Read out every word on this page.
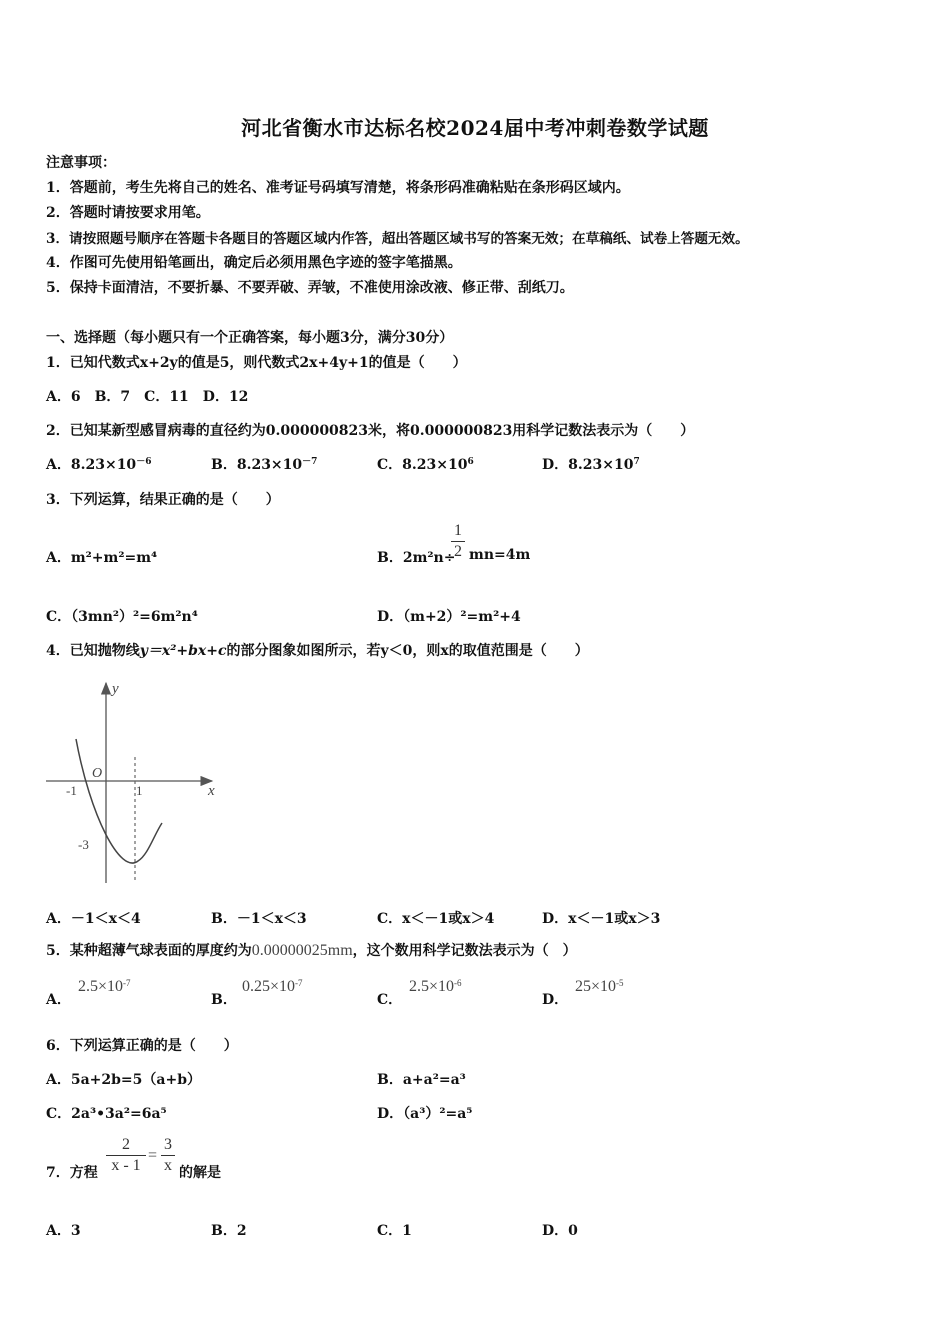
河北省衡水市达标名校2024届中考冲刺卷数学试题
注意事项：
1．答题前，考生先将自己的姓名、准考证号码填写清楚，将条形码准确粘贴在条形码区域内。
2．答题时请按要求用笔。
3．请按照题号顺序在答题卡各题目的答题区域内作答，超出答题区域书写的答案无效；在草稿纸、试卷上答题无效。
4．作图可先使用铅笔画出，确定后必须用黑色字迹的签字笔描黑。
5．保持卡面清洁，不要折暴、不要弄破、弄皱，不准使用涂改液、修正带、刮纸刀。
一、选择题（每小题只有一个正确答案，每小题3分，满分30分）
1．已知代数式x+2y的值是5，则代数式2x+4y+1的值是（　　）
A．6　B．7　C．11　D．12
2．已知某新型感冒病毒的直径约为0.000000823米，将0.000000823用科学记数法表示为（　　）
A．$8.23\times 10^{-6}$	B．$8.23\times 10^{-7}$	C．$8.23\times 10^6$	D．$8.23\times 10^7$
3．下列运算，结果正确的是（　　）
A．m²+m²=m⁴	B．2m²n÷
1
2 mn=4m
C．（3mn²）²=6m²n⁴	D．（m+2）²=m²+4
4．已知抛物线y＝x²+bx+c的部分图象如图所示，若y＜0，则x的取值范围是（　　）
y
x
O
-1	1
-3
A．－1＜x＜4	B．－1＜x＜3	C．x＜－1或x＞4	D．x＜－1或x＞3
5．某种超薄气球表面的厚度约为0.00000025mm，这个数用科学记数法表示为（　）
A．
$2.5\times 10^{-7}$
B．
$0.25\times 10^{-7}$
C．
$2.5\times 10^{-6}$
D．
$25\times 10^{-5}$
6．下列运算正确的是（　　）
A．5a+2b=5（a+b）	B．a+a²=a³
C．2a³•3a²=6a⁵	D．（a³）²=a⁵
7．方程
2
x - 1
=
3
x 的解是
A．3	B．2	C．1	D．0
